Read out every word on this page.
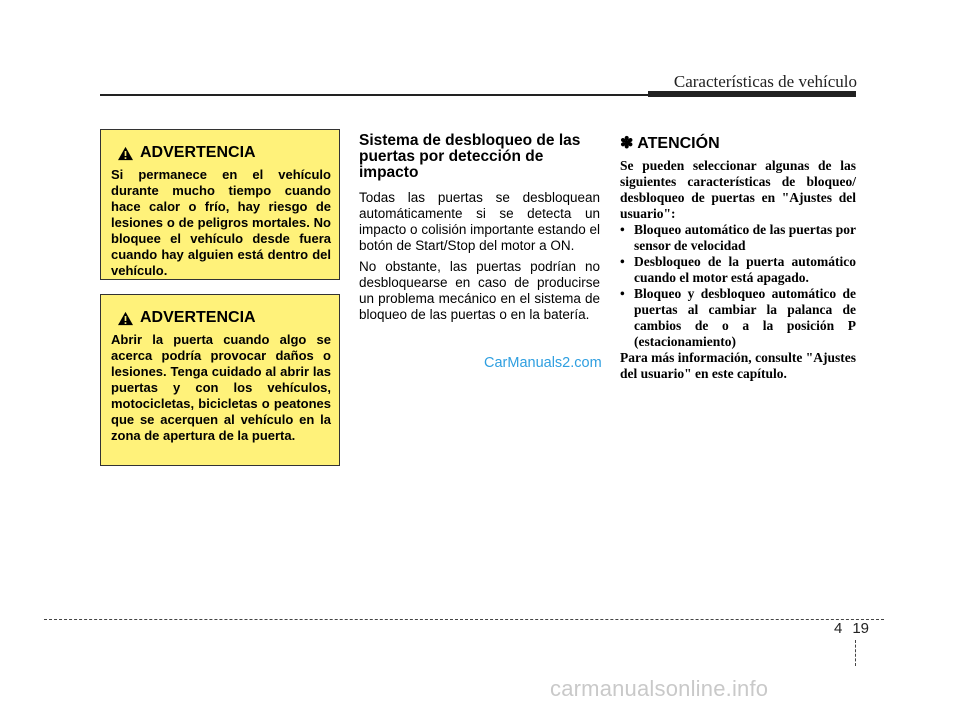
Características de vehículo
ADVERTENCIA
Si permanece en el vehículo durante mucho tiempo cuando hace calor o frío, hay riesgo de lesiones o de peligros mortales. No bloquee el vehículo desde fuera cuando hay alguien está dentro del vehículo.
ADVERTENCIA
Abrir la puerta cuando algo se acerca podría provocar daños o lesiones. Tenga cuidado al abrir las puertas y con los vehículos, motocicletas, bicicletas o peatones que se acerquen al vehículo en la zona de apertura de la puerta.
Sistema de desbloqueo de las puertas por detección de impacto

Todas las puertas se desbloquean automáticamente si se detecta un impacto o colisión importante estando el botón de Start/Stop del motor a ON.

No obstante, las puertas podrían no desbloquearse en caso de producirse un problema mecánico en el sistema de bloqueo de las puertas o en la batería.

CarManuals2.com
✽ ATENCIÓN

Se pueden seleccionar algunas de las siguientes características de bloqueo/ desbloqueo de puertas en "Ajustes del usuario":

• Bloqueo automático de las puertas por sensor de velocidad
• Desbloqueo de la puerta automático cuando el motor está apagado.
• Bloqueo y desbloqueo automático de puertas al cambiar la palanca de cambios de o a la posición P (estacionamiento)

Para más información, consulte "Ajustes del usuario" en este capítulo.

4 19
carmanualsonline.info
